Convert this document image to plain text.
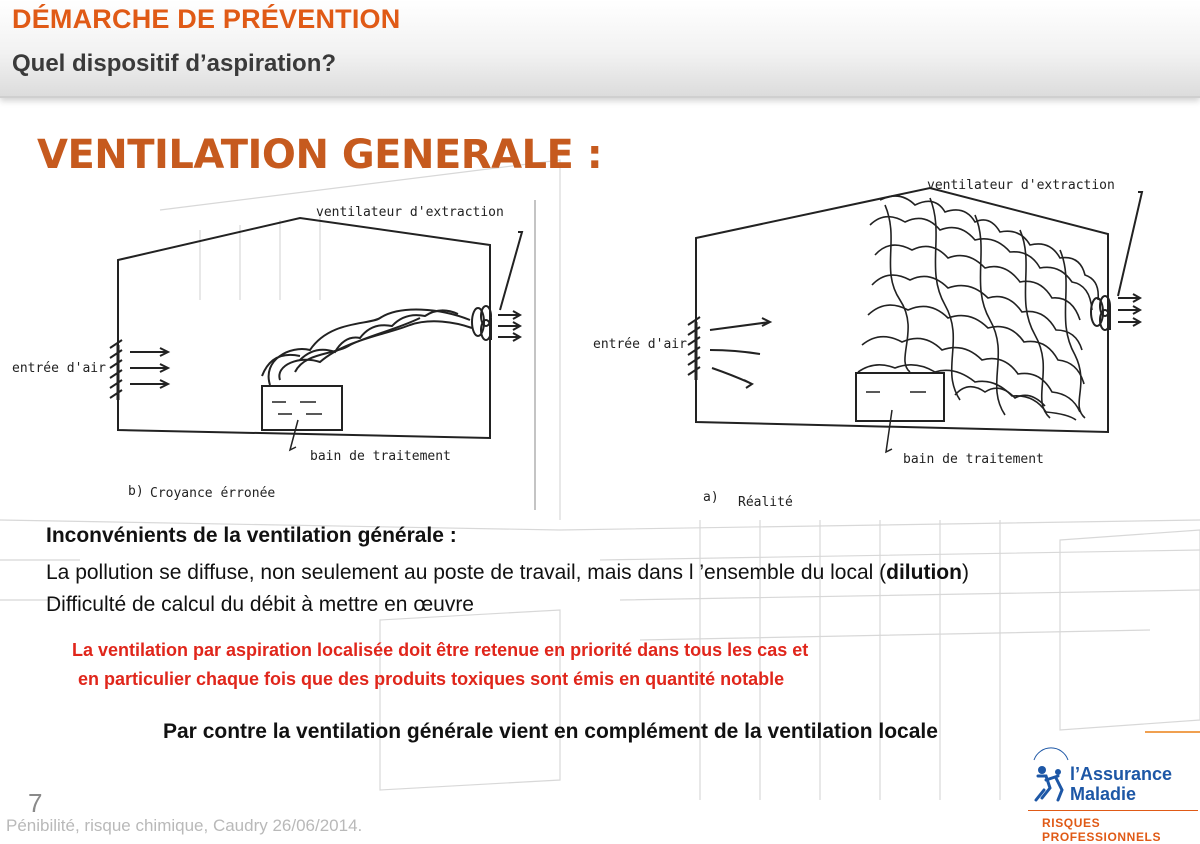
DÉMARCHE DE PRÉVENTION
Quel dispositif d’aspiration?
VENTILATION GENERALE :
ventilateur d'extraction
entrée d'air
bain de traitement
b) Croyance érronée
ventilateur d'extraction
entrée d'air
bain de traitement
a) Réalité
Inconvénients de la ventilation générale :
La pollution se diffuse, non seulement au poste de travail, mais dans l ’ensemble du local (dilution)
Difficulté de calcul du débit à mettre en œuvre
La ventilation par aspiration localisée doit être retenue en priorité dans tous les cas et
en particulier chaque fois que des produits toxiques sont émis en quantité notable
Par contre la ventilation générale vient en complément de la ventilation locale
7
Pénibilité, risque chimique, Caudry 26/06/2014.
l’Assurance
Maladie
RISQUES PROFESSIONNELS
